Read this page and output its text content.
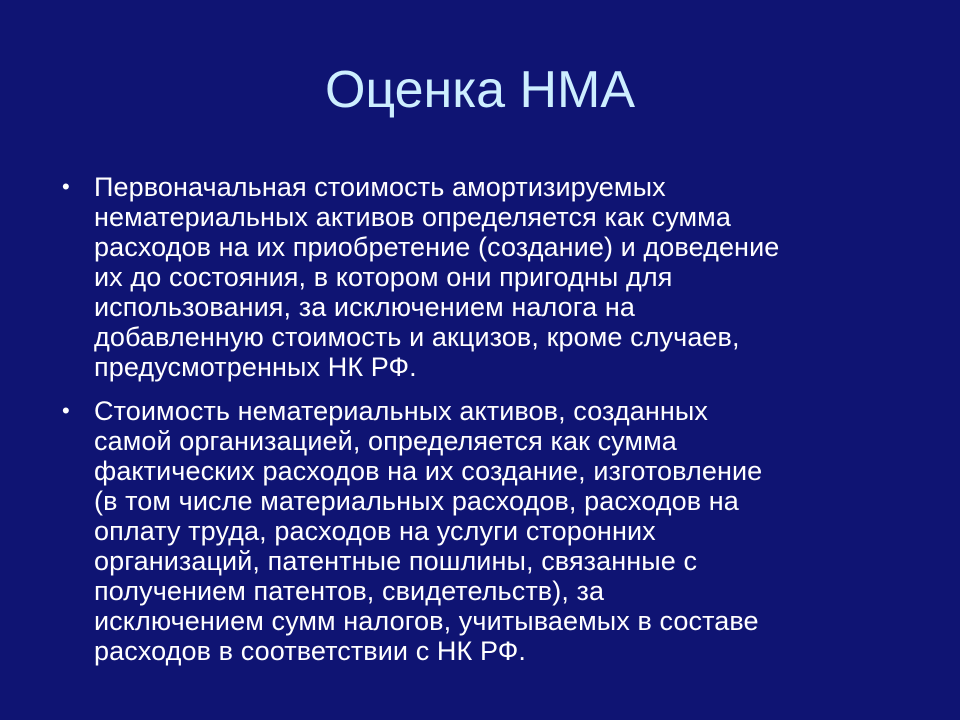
Оценка НМА
• Первоначальная стоимость амортизируемых
нематериальных активов определяется как сумма
расходов на их приобретение (создание) и доведение
их до состояния, в котором они пригодны для
использования, за исключением налога на
добавленную стоимость и акцизов, кроме случаев,
предусмотренных НК РФ.
• Стоимость нематериальных активов, созданных
самой организацией, определяется как сумма
фактических расходов на их создание, изготовление
(в том числе материальных расходов, расходов на
оплату труда, расходов на услуги сторонних
организаций, патентные пошлины, связанные с
получением патентов, свидетельств), за
исключением сумм налогов, учитываемых в составе
расходов в соответствии с НК РФ.
